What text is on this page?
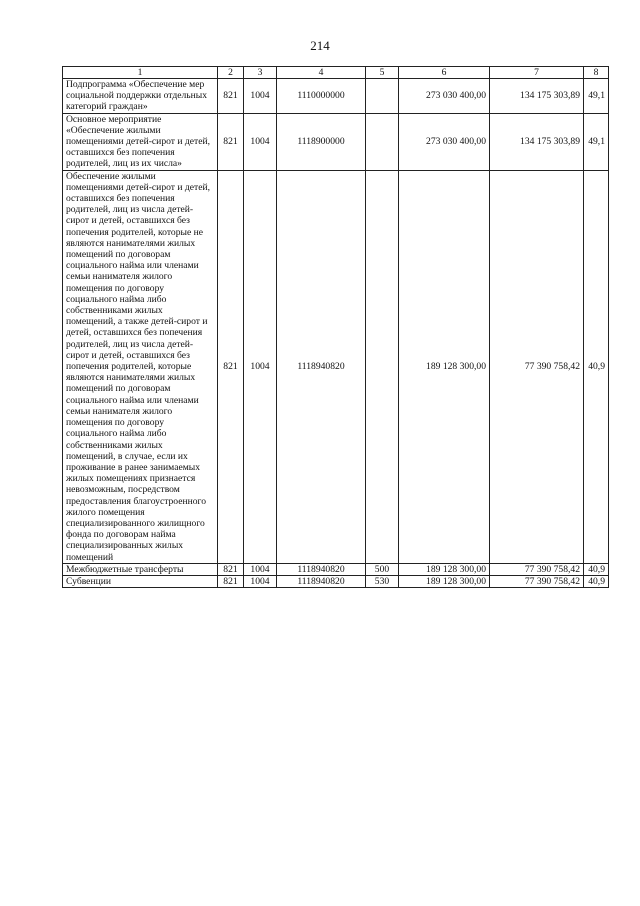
214
1	2	3	4	5	6	7	8
Подпрограмма «Обеспечение мер социальной поддержки отдельных категорий граждан»	821	1004	1110000000		273 030 400,00	134 175 303,89	49,1
Основное мероприятие «Обеспечение жилыми помещениями детей-сирот и детей, оставшихся без попечения родителей, лиц из их числа»	821	1004	1118900000		273 030 400,00	134 175 303,89	49,1
Обеспечение жилыми помещениями детей-сирот и детей, оставшихся без попечения родителей, лиц из числа детей-сирот и детей, оставшихся без попечения родителей, которые не являются нанимателями жилых помещений по договорам социального найма или членами семьи нанимателя жилого помещения по договору социального найма либо собственниками жилых помещений, а также детей-сирот и детей, оставшихся без попечения родителей, лиц из числа детей-сирот и детей, оставшихся без попечения родителей, которые являются нанимателями жилых помещений по договорам социального найма или членами семьи нанимателя жилого помещения по договору социального найма либо собственниками жилых помещений, в случае, если их проживание в ранее занимаемых жилых помещениях признается невозможным, посредством предоставления благоустроенного жилого помещения специализированного жилищного фонда по договорам найма специализированных жилых помещений	821	1004	1118940820		189 128 300,00	77 390 758,42	40,9
Межбюджетные трансферты	821	1004	1118940820	500	189 128 300,00	77 390 758,42	40,9
Субвенции	821	1004	1118940820	530	189 128 300,00	77 390 758,42	40,9
